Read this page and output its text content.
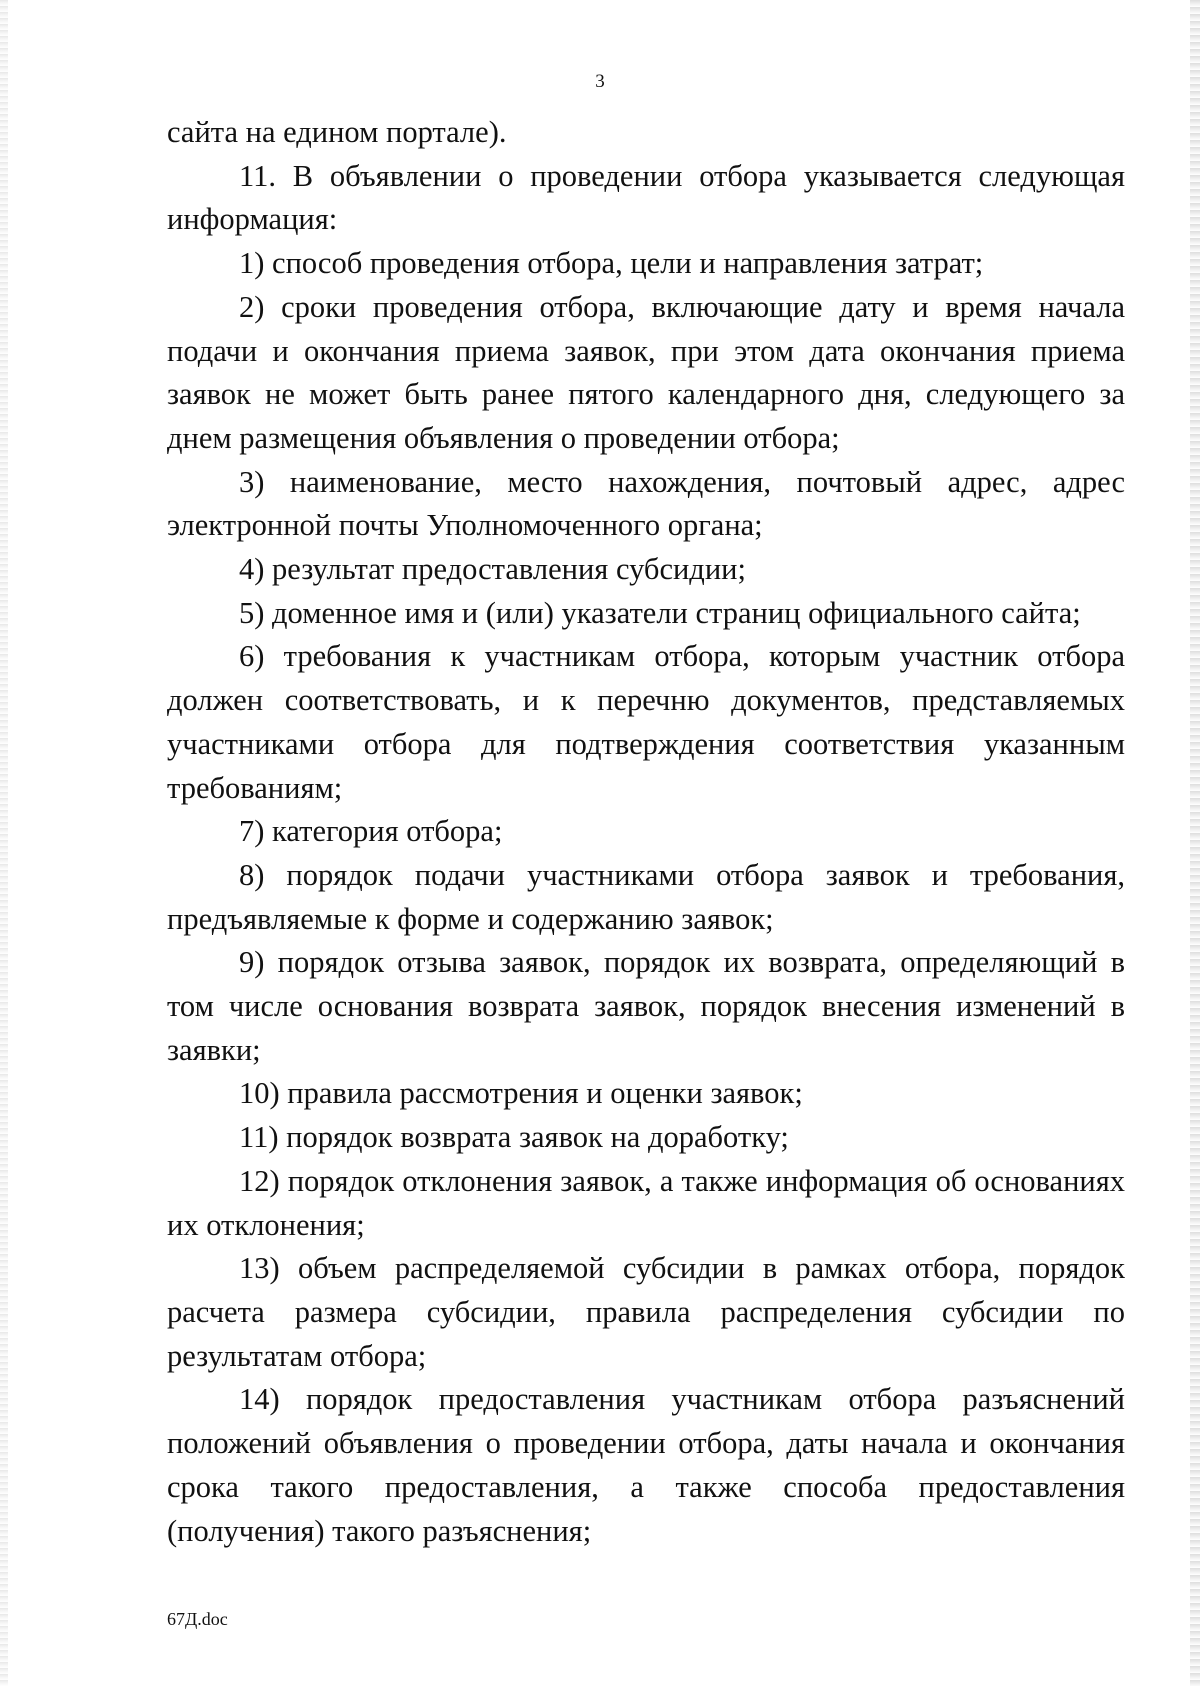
3

сайта на едином портале).

11. В объявлении о проведении отбора указывается следующая информация:

1) способ проведения отбора, цели и направления затрат;

2) сроки проведения отбора, включающие дату и время начала подачи и окончания приема заявок, при этом дата окончания приема заявок не может быть ранее пятого календарного дня, следующего за днем размещения объявления о проведении отбора;

3) наименование, место нахождения, почтовый адрес, адрес электронной почты Уполномоченного органа;

4) результат предоставления субсидии;

5) доменное имя и (или) указатели страниц официального сайта;

6) требования к участникам отбора, которым участник отбора должен соответствовать, и к перечню документов, представляемых участниками отбора для подтверждения соответствия указанным требованиям;

7) категория отбора;

8) порядок подачи участниками отбора заявок и требования, предъявляемые к форме и содержанию заявок;

9) порядок отзыва заявок, порядок их возврата, определяющий в том числе основания возврата заявок, порядок внесения изменений в заявки;

10) правила рассмотрения и оценки заявок;

11) порядок возврата заявок на доработку;

12) порядок отклонения заявок, а также информация об основаниях их отклонения;

13) объем распределяемой субсидии в рамках отбора, порядок расчета размера субсидии, правила распределения субсидии по результатам отбора;

14) порядок предоставления участникам отбора разъяснений положений объявления о проведении отбора, даты начала и окончания срока такого предоставления, а также способа предоставления (получения) такого разъяснения;

67Д.doc
